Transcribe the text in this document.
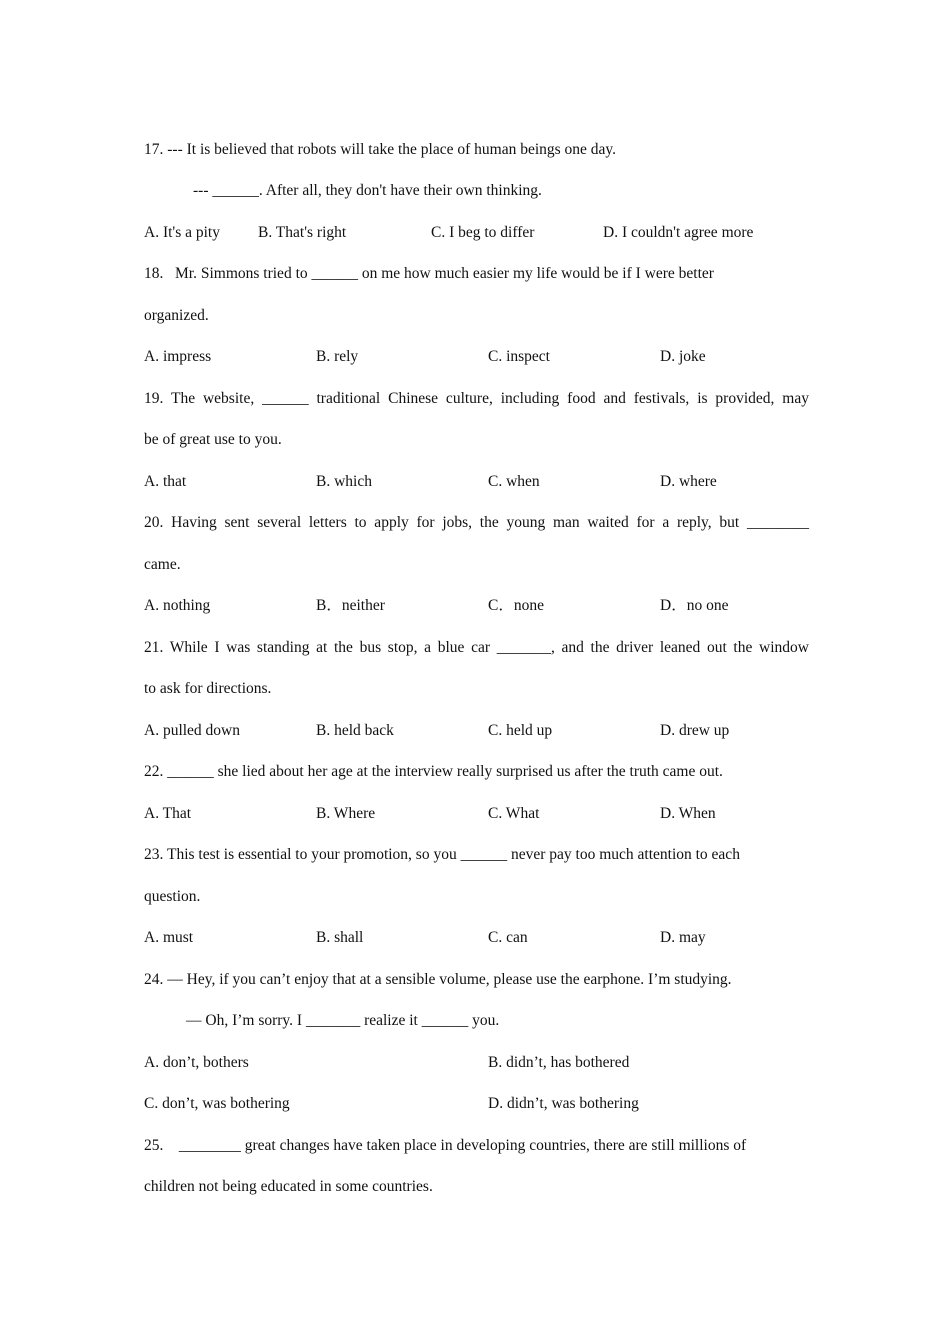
17. --- It is believed that robots will take the place of human beings one day.
--- ______. After all, they don't have their own thinking.
A. It's a pity B. That's right	C. I beg to differ	D. I couldn't agree more
18.   Mr. Simmons tried to ______ on me how much easier my life would be if I were better
organized.
A. impress	B. rely	C. inspect	D. joke
19. The website, ______ traditional Chinese culture, including food and festivals, is provided, may
be of great use to you.
A. that	B. which	C. when	D. where
20. Having sent several letters to apply for jobs, the young man waited for a reply, but ________
came.
A. nothing	B．neither	C．none	D．no one
21. While I was standing at the bus stop, a blue car _______, and the driver leaned out the window
to ask for directions.
A. pulled down	B. held back	C. held up	D. drew up
22. ______ she lied about her age at the interview really surprised us after the truth came out.
A. That	B. Where	C. What	D. When
23. This test is essential to your promotion, so you ______ never pay too much attention to each
question.
A. must	B. shall	C. can	D. may
24. — Hey, if you can’t enjoy that at a sensible volume, please use the earphone. I’m studying.
— Oh, I’m sorry. I _______ realize it ______ you.
A. don’t, bothers	B. didn’t, has bothered
C. don’t, was bothering	D. didn’t, was bothering
25.    ________ great changes have taken place in developing countries, there are still millions of
children not being educated in some countries.
